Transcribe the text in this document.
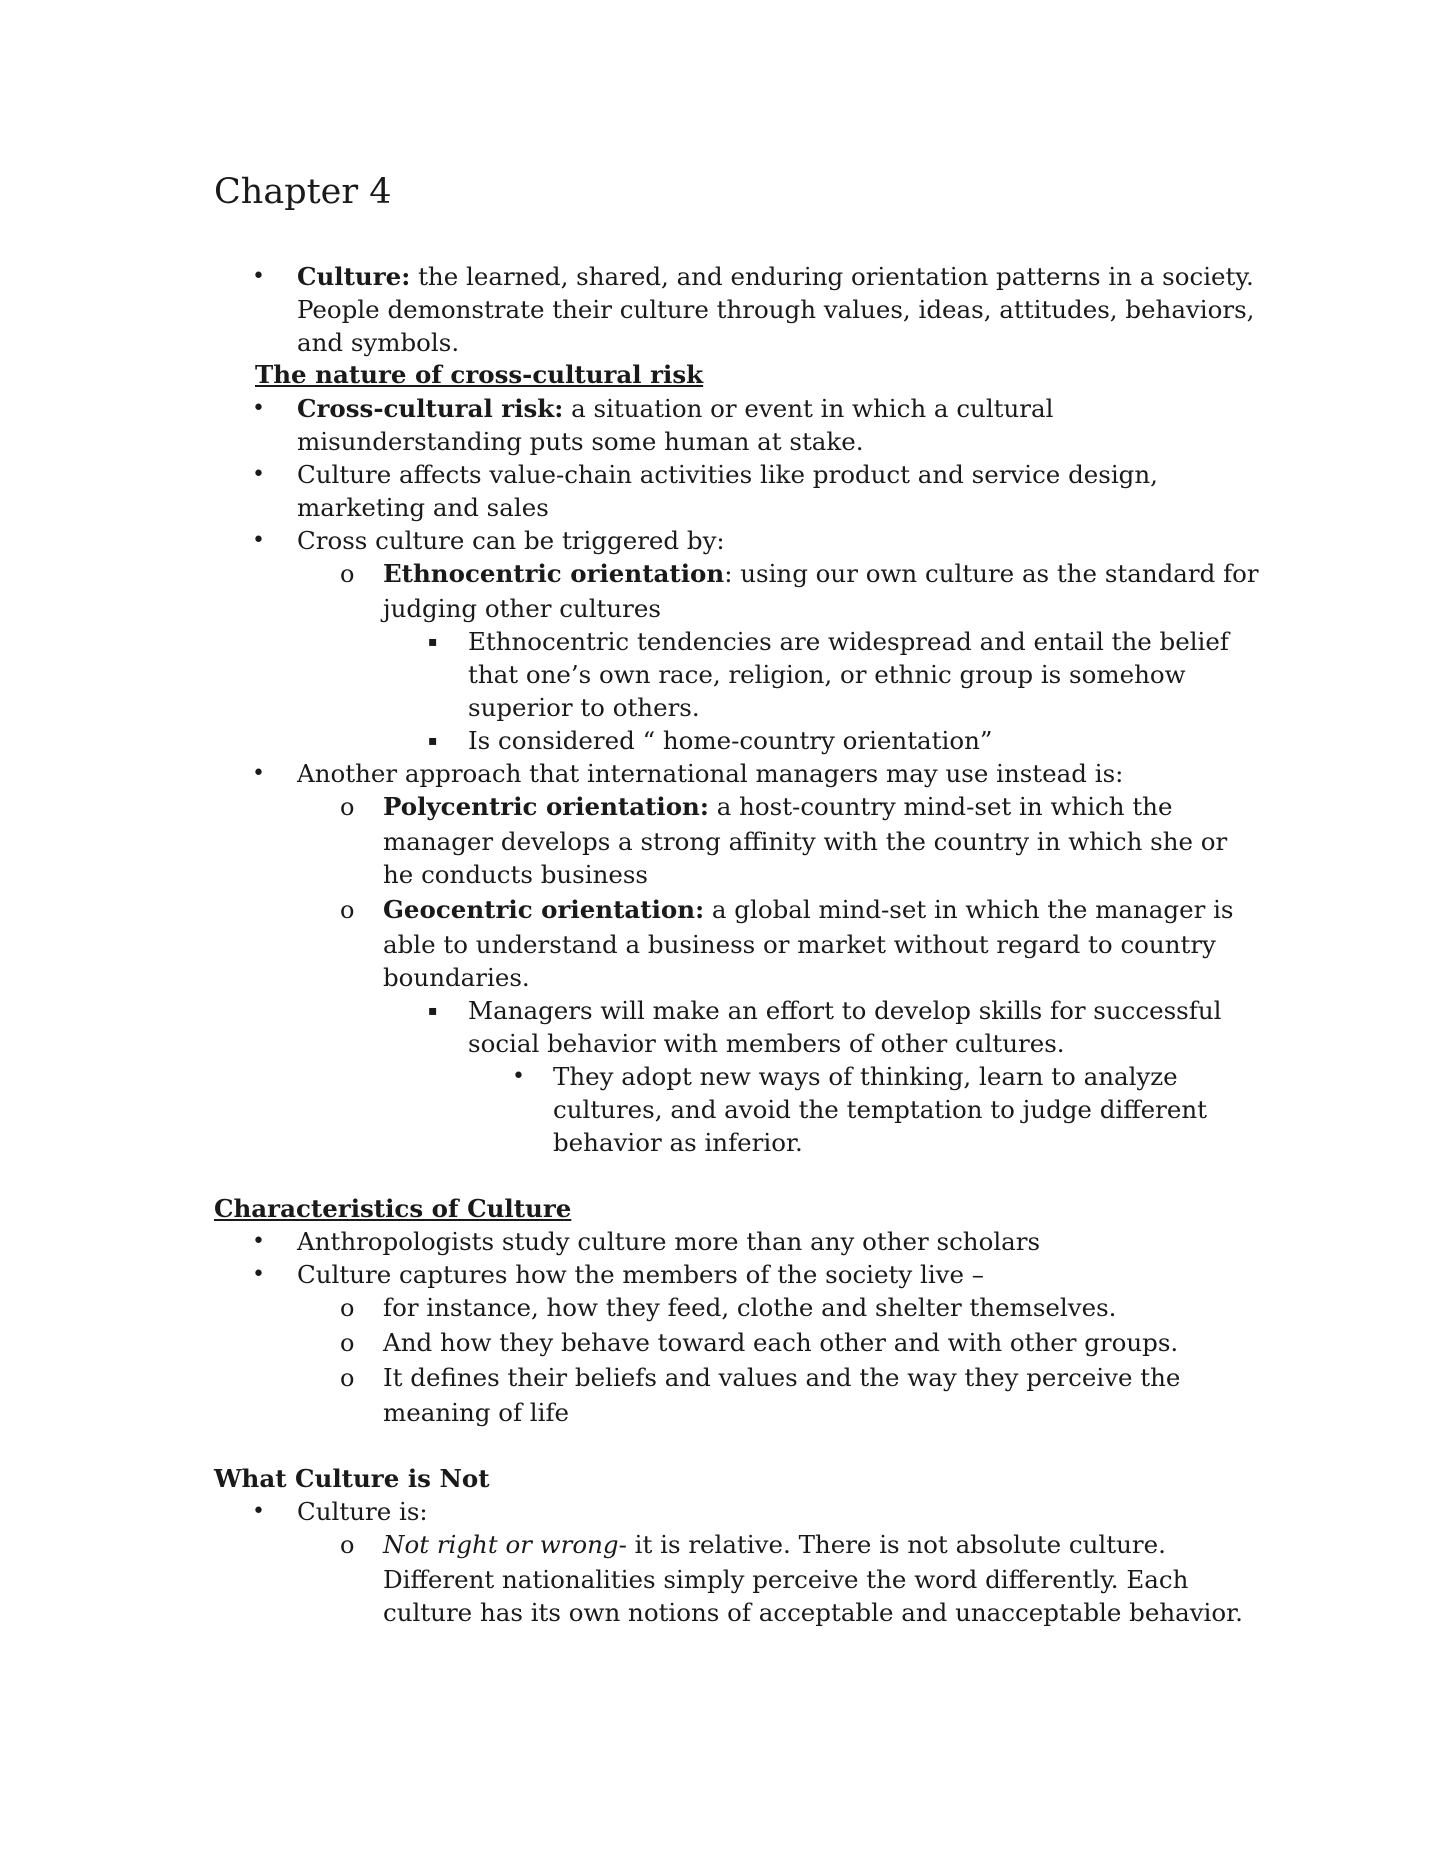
Chapter 4
• Culture: the learned, shared, and enduring orientation patterns in a society.
People demonstrate their culture through values, ideas, attitudes, behaviors,
and symbols.
The nature of cross-cultural risk
• Cross-cultural risk: a situation or event in which a cultural
misunderstanding puts some human at stake.
• Culture affects value-chain activities like product and service design,
marketing and sales
• Cross culture can be triggered by:
o Ethnocentric orientation: using our own culture as the standard for
judging other cultures
▪ Ethnocentric tendencies are widespread and entail the belief
that one’s own race, religion, or ethnic group is somehow
superior to others.
▪ Is considered “ home-country orientation”
• Another approach that international managers may use instead is:
o Polycentric orientation: a host-country mind-set in which the
manager develops a strong affinity with the country in which she or
he conducts business
o Geocentric orientation: a global mind-set in which the manager is
able to understand a business or market without regard to country
boundaries.
▪ Managers will make an effort to develop skills for successful
social behavior with members of other cultures.
• They adopt new ways of thinking, learn to analyze
cultures, and avoid the temptation to judge different
behavior as inferior.
Characteristics of Culture
• Anthropologists study culture more than any other scholars
• Culture captures how the members of the society live –
o for instance, how they feed, clothe and shelter themselves.
o And how they behave toward each other and with other groups.
o It defines their beliefs and values and the way they perceive the
meaning of life
What Culture is Not
• Culture is:
o Not right or wrong- it is relative. There is not absolute culture.
Different nationalities simply perceive the word differently. Each
culture has its own notions of acceptable and unacceptable behavior.
